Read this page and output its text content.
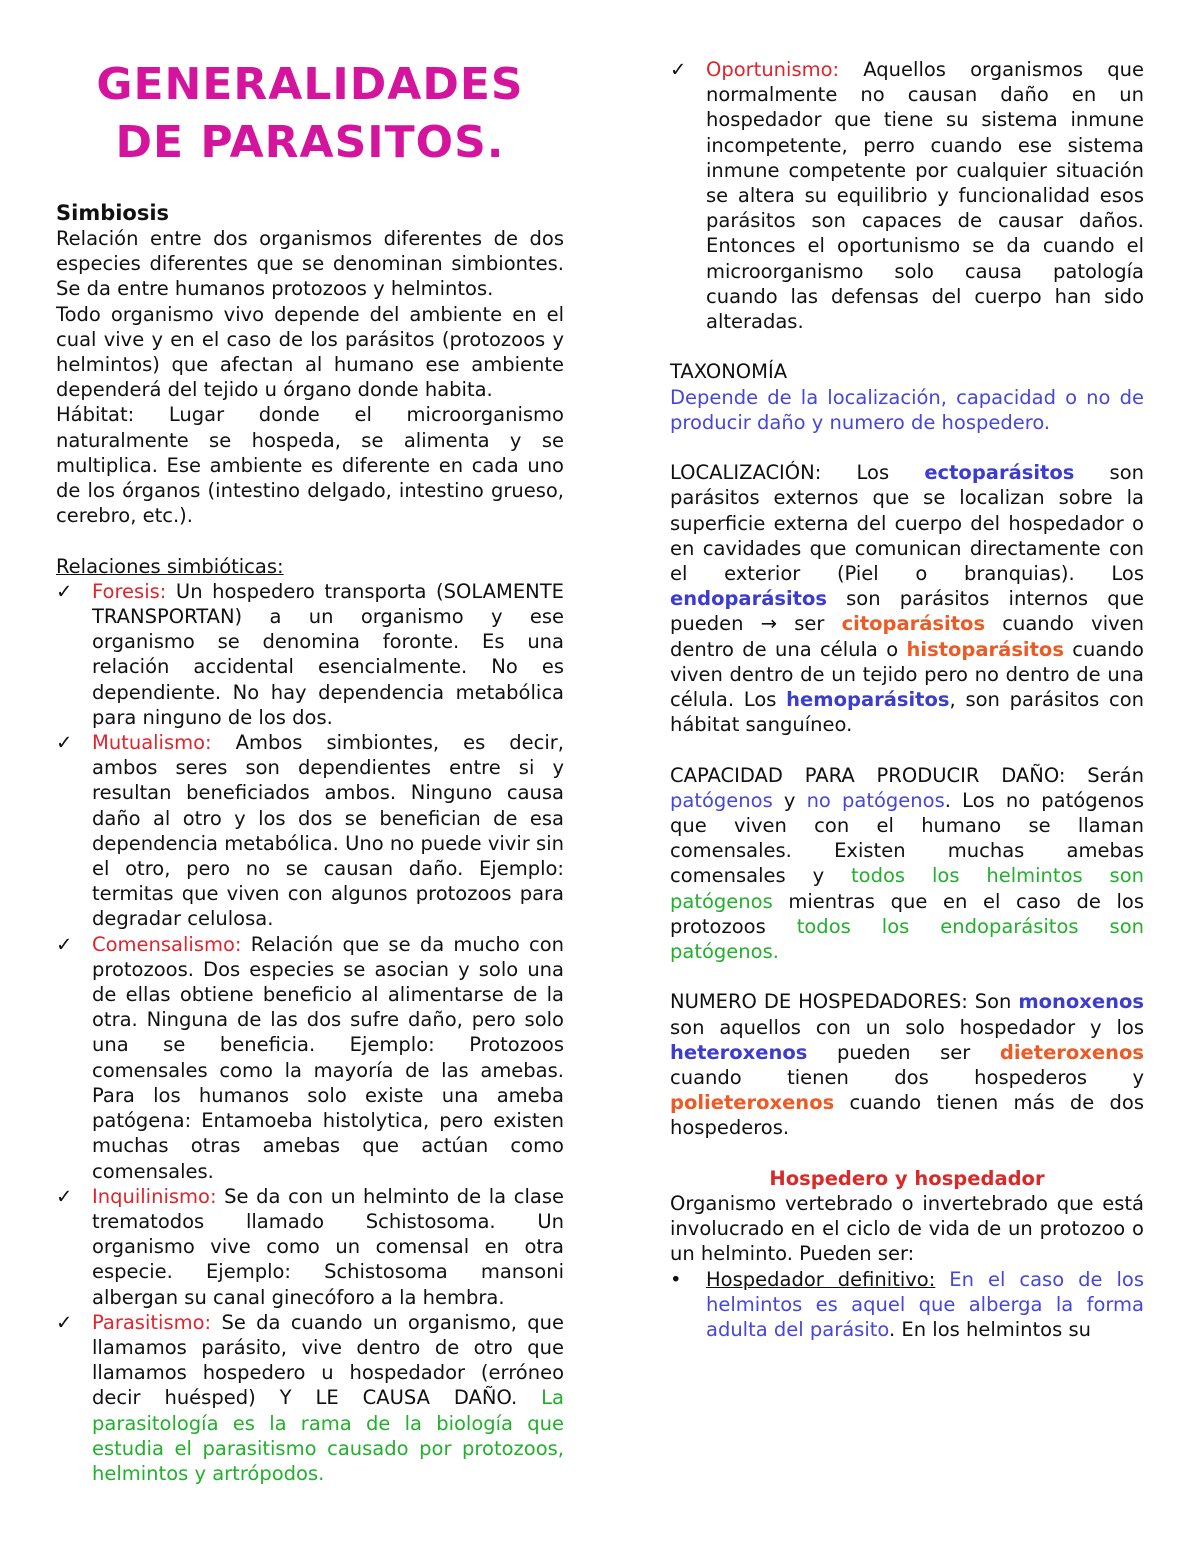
GENERALIDADES DE PARASITOS.

Simbiosis

Relación entre dos organismos diferentes de dos especies diferentes que se denominan simbiontes. Se da entre humanos protozoos y helmintos.

Todo organismo vivo depende del ambiente en el cual vive y en el caso de los parásitos (protozoos y helmintos) que afectan al humano ese ambiente dependerá del tejido u órgano donde habita.

Hábitat: Lugar donde el microorganismo naturalmente se hospeda, se alimenta y se multiplica. Ese ambiente es diferente en cada uno de los órganos (intestino delgado, intestino grueso, cerebro, etc.).

Relaciones simbióticas:

✓ Foresis: Un hospedero transporta (SOLAMENTE TRANSPORTAN) a un organismo y ese organismo se denomina foronte. Es una relación accidental esencialmente. No es dependiente. No hay dependencia metabólica para ninguno de los dos.
✓ Mutualismo: Ambos simbiontes, es decir, ambos seres son dependientes entre si y resultan beneficiados ambos. Ninguno causa daño al otro y los dos se benefician de esa dependencia metabólica. Uno no puede vivir sin el otro, pero no se causan daño. Ejemplo: termitas que viven con algunos protozoos para degradar celulosa.
✓ Comensalismo: Relación que se da mucho con protozoos. Dos especies se asocian y solo una de ellas obtiene beneficio al alimentarse de la otra. Ninguna de las dos sufre daño, pero solo una se beneficia. Ejemplo: Protozoos comensales como la mayoría de las amebas. Para los humanos solo existe una ameba patógena: Entamoeba histolytica, pero existen muchas otras amebas que actúan como comensales.
✓ Inquilinismo: Se da con un helminto de la clase trematodos llamado Schistosoma. Un organismo vive como un comensal en otra especie. Ejemplo: Schistosoma mansoni albergan su canal ginecóforo a la hembra.
✓ Parasitismo: Se da cuando un organismo, que llamamos parásito, vive dentro de otro que llamamos hospedero u hospedador (erróneo decir huésped) Y LE CAUSA DAÑO. La parasitología es la rama de la biología que estudia el parasitismo causado por protozoos, helmintos y artrópodos.
✓ Oportunismo: Aquellos organismos que normalmente no causan daño en un hospedador que tiene su sistema inmune incompetente, perro cuando ese sistema inmune competente por cualquier situación se altera su equilibrio y funcionalidad esos parásitos son capaces de causar daños. Entonces el oportunismo se da cuando el microorganismo solo causa patología cuando las defensas del cuerpo han sido alteradas.

TAXONOMÍA

Depende de la localización, capacidad o no de producir daño y numero de hospedero.

LOCALIZACIÓN: Los ectoparásitos son parásitos externos que se localizan sobre la superficie externa del cuerpo del hospedador o en cavidades que comunican directamente con el exterior (Piel o branquias). Los endoparásitos son parásitos internos que pueden → ser citoparásitos cuando viven dentro de una célula o histoparásitos cuando viven dentro de un tejido pero no dentro de una célula. Los hemoparásitos, son parásitos con hábitat sanguíneo.

CAPACIDAD PARA PRODUCIR DAÑO: Serán patógenos y no patógenos. Los no patógenos que viven con el humano se llaman comensales. Existen muchas amebas comensales y todos los helmintos son patógenos mientras que en el caso de los protozoos todos los endoparásitos son patógenos.

NUMERO DE HOSPEDADORES: Son monoxenos son aquellos con un solo hospedador y los heteroxenos pueden ser dieteroxenos cuando tienen dos hospederos y polieteroxenos cuando tienen más de dos hospederos.

Hospedero y hospedador

Organismo vertebrado o invertebrado que está involucrado en el ciclo de vida de un protozoo o un helminto. Pueden ser:

• Hospedador definitivo: En el caso de los helmintos es aquel que alberga la forma adulta del parásito. En los helmintos su
